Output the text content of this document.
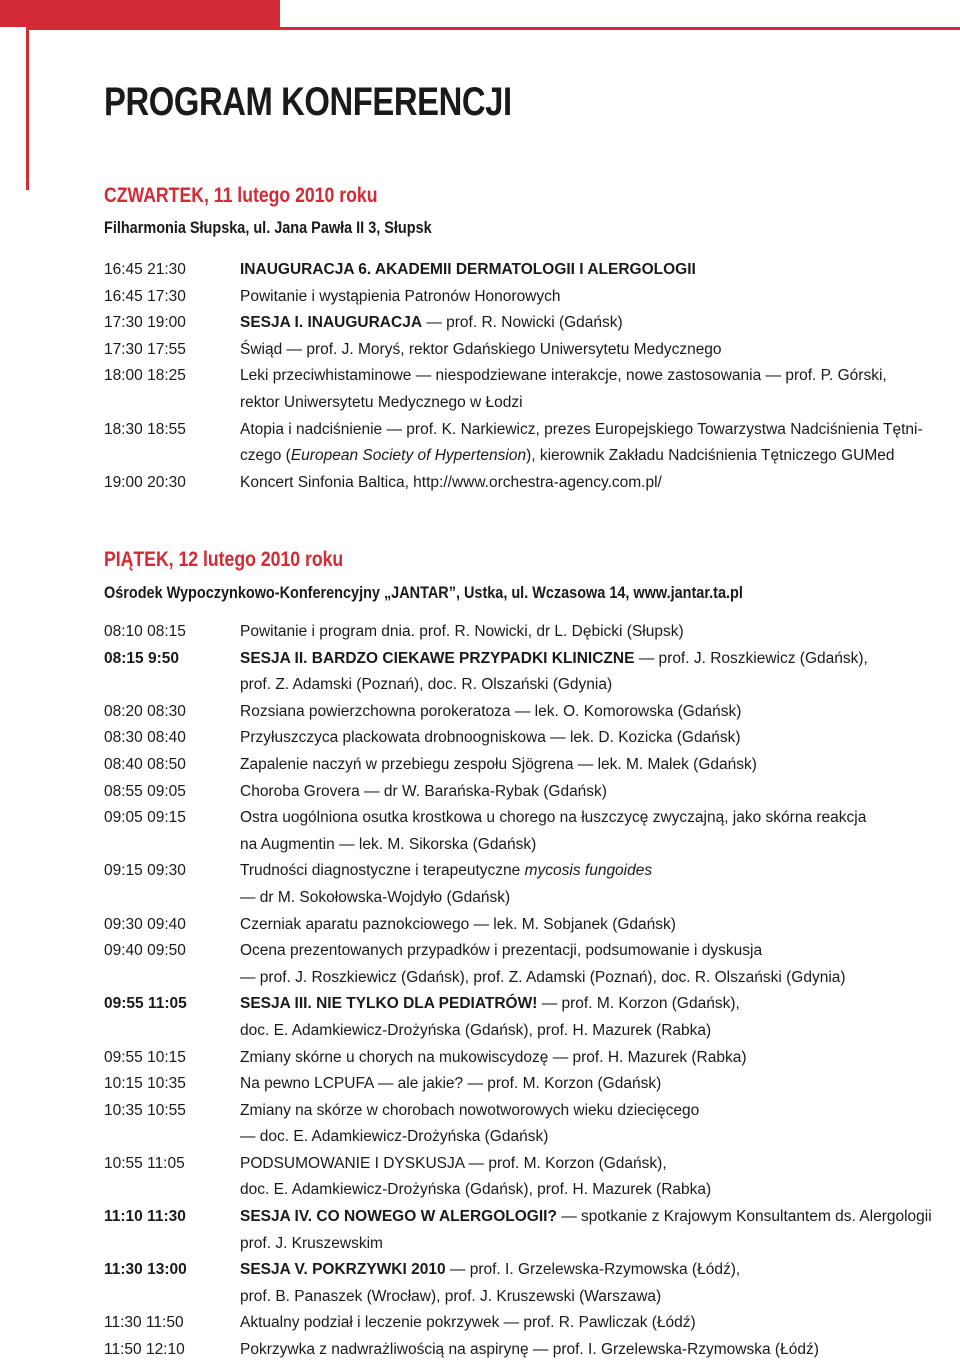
PROGRAM KONFERENCJI
CZWARTEK, 11 lutego 2010 roku
Filharmonia Słupska, ul. Jana Pawła II 3, Słupsk
16:45 21:30	INAUGURACJA 6. AKADEMII DERMATOLOGII I ALERGOLOGII
16:45 17:30	Powitanie i wystąpienia Patronów Honorowych
17:30 19:00	SESJA I. INAUGURACJA — prof. R. Nowicki (Gdańsk)
17:30 17:55	Świąd — prof. J. Moryś, rektor Gdańskiego Uniwersytetu Medycznego
18:00 18:25	Leki przeciwhistaminowe — niespodziewane interakcje, nowe zastosowania — prof. P. Górski,
rektor Uniwersytetu Medycznego w Łodzi
18:30 18:55	Atopia i nadciśnienie — prof. K. Narkiewicz, prezes Europejskiego Towarzystwa Nadciśnienia Tętni-
czego (European Society of Hypertension), kierownik Zakładu Nadciśnienia Tętniczego GUMed
19:00 20:30	Koncert Sinfonia Baltica, http://www.orchestra-agency.com.pl/
PIĄTEK, 12 lutego 2010 roku
Ośrodek Wypoczynkowo-Konferencyjny „JANTAR”, Ustka, ul. Wczasowa 14, www.jantar.ta.pl
08:10 08:15	Powitanie i program dnia. prof. R. Nowicki, dr L. Dębicki (Słupsk)
08:15 9:50	SESJA II. BARDZO CIEKAWE PRZYPADKI KLINICZNE — prof. J. Roszkiewicz (Gdańsk),
prof. Z. Adamski (Poznań), doc. R. Olszański (Gdynia)
08:20 08:30	Rozsiana powierzchowna porokeratoza — lek. O. Komorowska (Gdańsk)
08:30 08:40	Przyłuszczyca plackowata drobnoogniskowa — lek. D. Kozicka (Gdańsk)
08:40 08:50	Zapalenie naczyń w przebiegu zespołu Sjögrena — lek. M. Malek (Gdańsk)
08:55 09:05	Choroba Grovera — dr W. Barańska-Rybak (Gdańsk)
09:05 09:15	Ostra uogólniona osutka krostkowa u chorego na łuszczycę zwyczajną, jako skórna reakcja
na Augmentin — lek. M. Sikorska (Gdańsk)
09:15 09:30	Trudności diagnostyczne i terapeutyczne mycosis fungoides
— dr M. Sokołowska-Wojdyło (Gdańsk)
09:30 09:40	Czerniak aparatu paznokciowego — lek. M. Sobjanek (Gdańsk)
09:40 09:50	Ocena prezentowanych przypadków i prezentacji, podsumowanie i dyskusja
— prof. J. Roszkiewicz (Gdańsk), prof. Z. Adamski (Poznań), doc. R. Olszański (Gdynia)
09:55 11:05	SESJA III. NIE TYLKO DLA PEDIATRÓW! — prof. M. Korzon (Gdańsk),
doc. E. Adamkiewicz-Drożyńska (Gdańsk), prof. H. Mazurek (Rabka)
09:55 10:15	Zmiany skórne u chorych na mukowiscydozę — prof. H. Mazurek (Rabka)
10:15 10:35	Na pewno LCPUFA — ale jakie? — prof. M. Korzon (Gdańsk)
10:35 10:55	Zmiany na skórze w chorobach nowotworowych wieku dziecięcego
— doc. E. Adamkiewicz-Drożyńska (Gdańsk)
10:55 11:05	PODSUMOWANIE I DYSKUSJA — prof. M. Korzon (Gdańsk),
doc. E. Adamkiewicz-Drożyńska (Gdańsk), prof. H. Mazurek (Rabka)
11:10 11:30	SESJA IV. CO NOWEGO W ALERGOLOGII? — spotkanie z Krajowym Konsultantem ds. Alergologii
prof. J. Kruszewskim
11:30 13:00	SESJA V. POKRZYWKI 2010 — prof. I. Grzelewska-Rzymowska (Łódź),
prof. B. Panaszek (Wrocław), prof. J. Kruszewski (Warszawa)
11:30 11:50	Aktualny podział i leczenie pokrzywek — prof. R. Pawliczak (Łódź)
11:50 12:10	Pokrzywka z nadwrażliwością na aspirynę — prof. I. Grzelewska-Rzymowska (Łódź)
